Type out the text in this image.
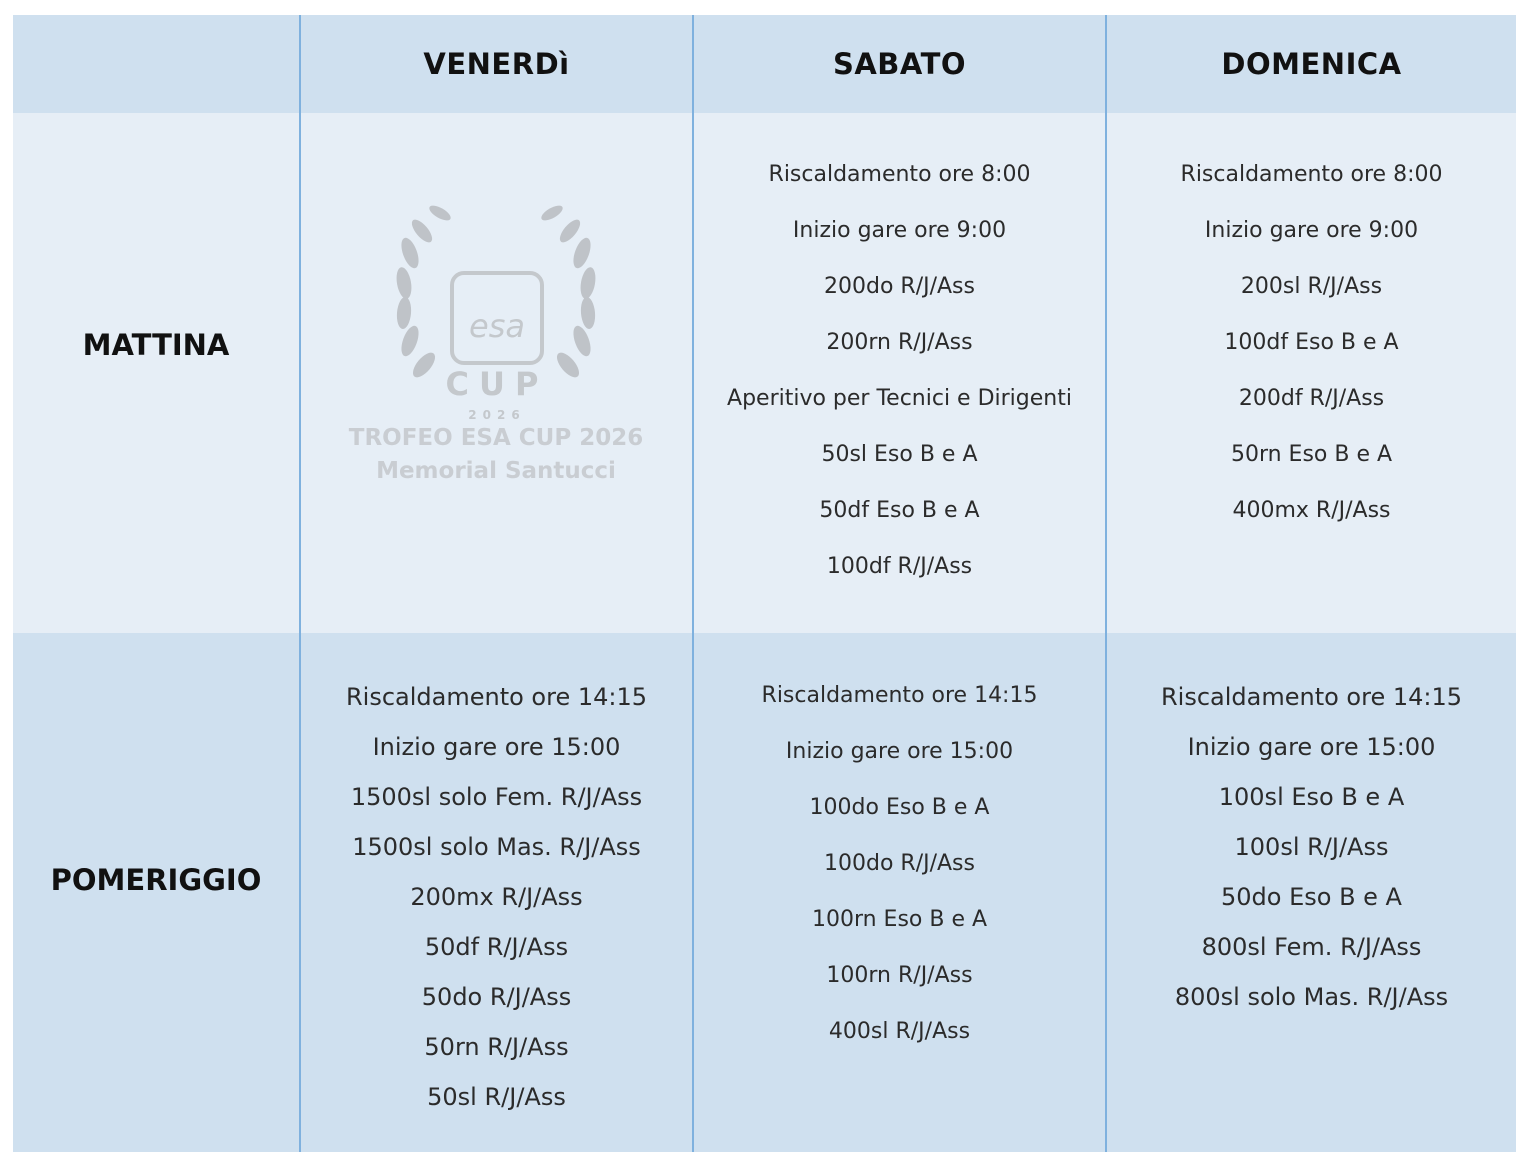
VENERDì	SABATO	DOMENICA
MATTINA
POMERIGGIO
esa
CUP
2026
TROFEO ESA CUP 2026
Memorial Santucci
Riscaldamento ore 8:00
Inizio gare ore 9:00
200do R/J/Ass
200rn R/J/Ass
Aperitivo per Tecnici e Dirigenti
50sl Eso B e A
50df Eso B e A
100df R/J/Ass
Riscaldamento ore 8:00
Inizio gare ore 9:00
200sl R/J/Ass
100df Eso B e A
200df R/J/Ass
50rn Eso B e A
400mx R/J/Ass
Riscaldamento ore 14:15
Inizio gare ore 15:00
1500sl solo Fem. R/J/Ass
1500sl solo Mas. R/J/Ass
200mx R/J/Ass
50df R/J/Ass
50do R/J/Ass
50rn R/J/Ass
50sl R/J/Ass
Riscaldamento ore 14:15
Inizio gare ore 15:00
100do Eso B e A
100do R/J/Ass
100rn Eso B e A
100rn R/J/Ass
400sl R/J/Ass
Riscaldamento ore 14:15
Inizio gare ore 15:00
100sl Eso B e A
100sl R/J/Ass
50do Eso B e A
800sl Fem. R/J/Ass
800sl solo Mas. R/J/Ass
